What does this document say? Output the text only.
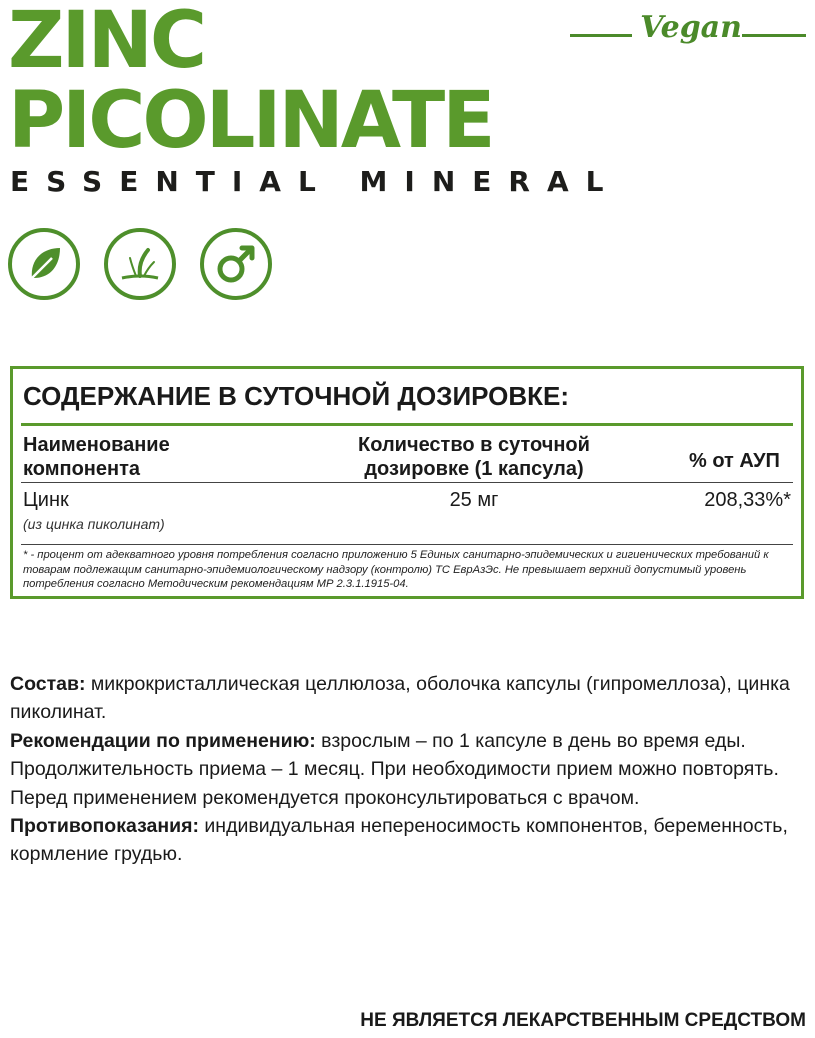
ZINC
PICOLINATE
ESSENTIAL MINERAL
Vegan
СОДЕРЖАНИЕ В СУТОЧНОЙ ДОЗИРОВКЕ:
Наименование компонента
Количество в суточной дозировке (1 капсула)	% от АУП
Цинк
(из цинка пиколинат)
25 мг	208,33%*
* - процент от адекватного уровня потребления согласно приложению 5 Единых санитарно-эпидемических и гигиенических требований к товарам подлежащим санитарно-эпидемиологическому надзору (контролю) ТС ЕврАзЭс. Не превышает верхний допустимый уровень потребления согласно Методическим рекомендациям МР 2.3.1.1915-04.

Состав: микрокристаллическая целлюлоза, оболочка капсулы (гипромеллоза), цинка пиколинат.

Рекомендации по применению: взрослым – по 1 капсуле в день во время еды. Продолжительность приема – 1 месяц. При необходимости прием можно повторять. Перед применением рекомендуется проконсультироваться с врачом.

Противопоказания: индивидуальная непереносимость компонентов, беременность, кормление грудью.

НЕ ЯВЛЯЕТСЯ ЛЕКАРСТВЕННЫМ СРЕДСТВОМ
